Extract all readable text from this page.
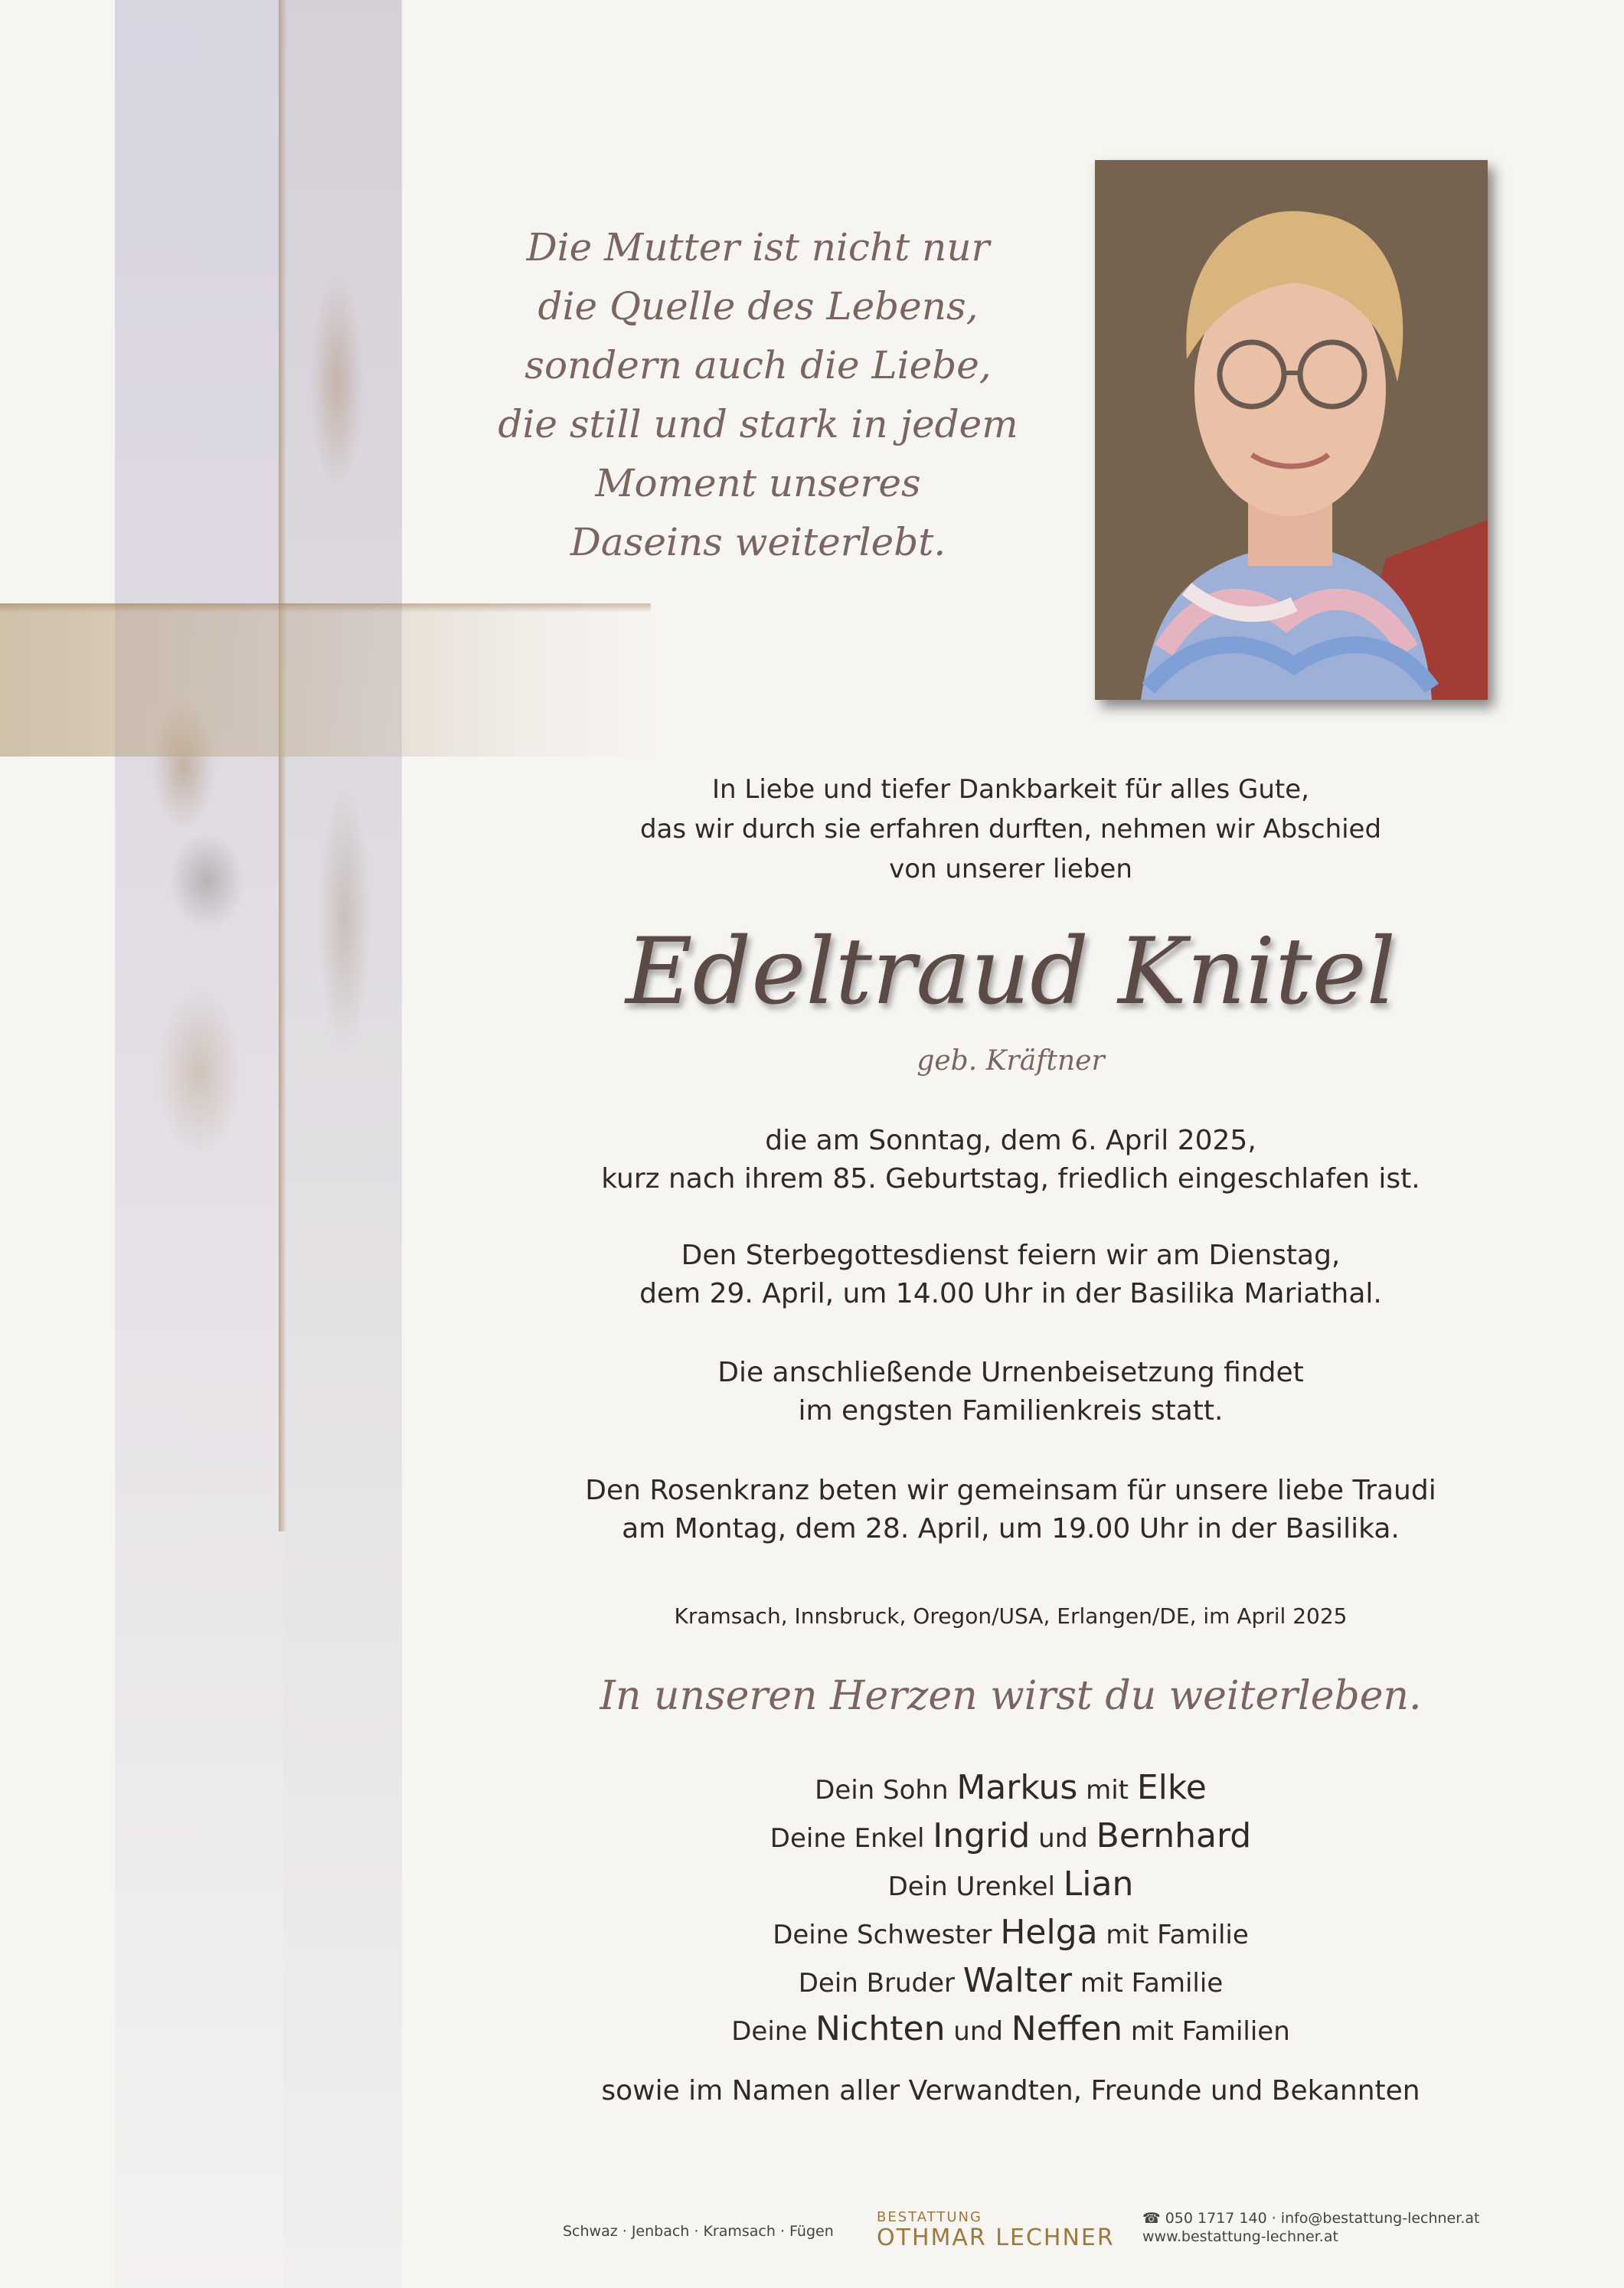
Die Mutter ist nicht nur
die Quelle des Lebens,
sondern auch die Liebe,
die still und stark in jedem
Moment unseres
Daseins weiterlebt.
In Liebe und tiefer Dankbarkeit für alles Gute,
das wir durch sie erfahren durften, nehmen wir Abschied
von unserer lieben
Edeltraud Knitel
geb. Kräftner
die am Sonntag, dem 6. April 2025,
kurz nach ihrem 85. Geburtstag, friedlich eingeschlafen ist.
Den Sterbegottesdienst feiern wir am Dienstag,
dem 29. April, um 14.00 Uhr in der Basilika Mariathal.
Die anschließende Urnenbeisetzung findet
im engsten Familienkreis statt.
Den Rosenkranz beten wir gemeinsam für unsere liebe Traudi
am Montag, dem 28. April, um 19.00 Uhr in der Basilika.
Kramsach, Innsbruck, Oregon/USA, Erlangen/DE, im April 2025
In unseren Herzen wirst du weiterleben.
Dein Sohn Markus mit Elke
Deine Enkel Ingrid und Bernhard
Dein Urenkel Lian
Deine Schwester Helga mit Familie
Dein Bruder Walter mit Familie
Deine Nichten und Neffen mit Familien
sowie im Namen aller Verwandten, Freunde und Bekannten
Schwaz · Jenbach · Kramsach · Fügen
BESTATTUNG
OTHMAR LECHNER
☎ 050 1717 140 · info@bestattung-lechner.at
www.bestattung-lechner.at
